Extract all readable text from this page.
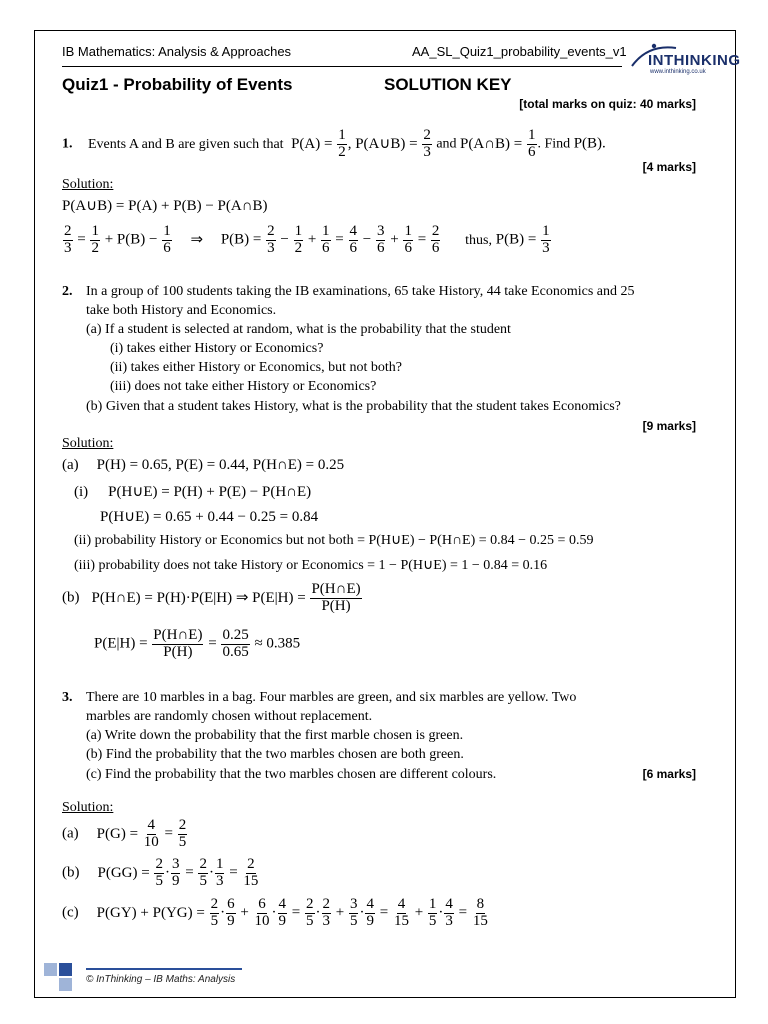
IB Mathematics: Analysis & Approaches	AA_SL_Quiz1_probability_events_v1
INTHINKING
www.inthinking.co.uk
Quiz1 - Probability of Events	SOLUTION KEY
[total marks on quiz: 40 marks]
1. Events A and B are given such that $P(A) = \frac{1}{2}$ , P(A∪B) = $\frac{2}{3}$ and P(A∩B) = $\frac{1}{6}$ . Find P(B).
[4 marks]
Solution:
P(A∪B) = P(A) + P(B) − P(A∩B)
$\frac{2}{3} = \frac{1}{2} + P(B) - \frac{1}{6}$ ⇒ $P(B) = \frac{2}{3} - \frac{1}{2} + \frac{1}{6} = \frac{4}{6} - \frac{3}{6} + \frac{1}{6} = \frac{2}{6}$ thus, $P(B) = \frac{1}{3}$
2. In a group of 100 students taking the IB examinations, 65 take History, 44 take Economics and 25
take both History and Economics.
(a) If a student is selected at random, what is the probability that the student
(i) takes either History or Economics?
(ii) takes either History or Economics, but not both?
(iii) does not take either History or Economics?
(b) Given that a student takes History, what is the probability that the student takes Economics?
[9 marks]
Solution:
(a) P(H) = 0.65, P(E) = 0.44, P(H∩E) = 0.25
(i) P(H∪E) = P(H) + P(E) − P(H∩E)
P(H∪E) = 0.65 + 0.44 − 0.25 = 0.84
(ii) probability History or Economics but not both = P(H∪E) − P(H∩E) = 0.84 − 0.25 = 0.59
(iii) probability does not take History or Economics = 1 − P(H∪E) = 1 − 0.84 = 0.16
(b) P(H∩E) = P(H)·P(E|H) ⇒ $P(E|H) = \frac{P(H\cap E)}{P(H)}$
$P(E|H) = \frac{P(H\cap E)}{P(H)} = \frac{0.25}{0.65} \approx 0.385$
3. There are 10 marbles in a bag. Four marbles are green, and six marbles are yellow. Two
marbles are randomly chosen without replacement.
(a) Write down the probability that the first marble chosen is green.
(b) Find the probability that the two marbles chosen are both green.
(c) Find the probability that the two marbles chosen are different colours.	[6 marks]
Solution:
(a) $P(G) = \frac{4}{10} = \frac{2}{5}$
(b) $P(GG) = \frac{2}{5} \cdot \frac{3}{9} = \frac{2}{5} \cdot \frac{1}{3} = \frac{2}{15}$
(c) $P(GY) + P(YG) = \frac{2}{5} \cdot \frac{6}{9} + \frac{6}{10} \cdot \frac{4}{9} = \frac{2}{5} \cdot \frac{2}{3} + \frac{3}{5} \cdot \frac{4}{9} = \frac{4}{15} + \frac{1}{5} \cdot \frac{4}{3} = \frac{8}{15}$
© InThinking – IB Maths: Analysis
